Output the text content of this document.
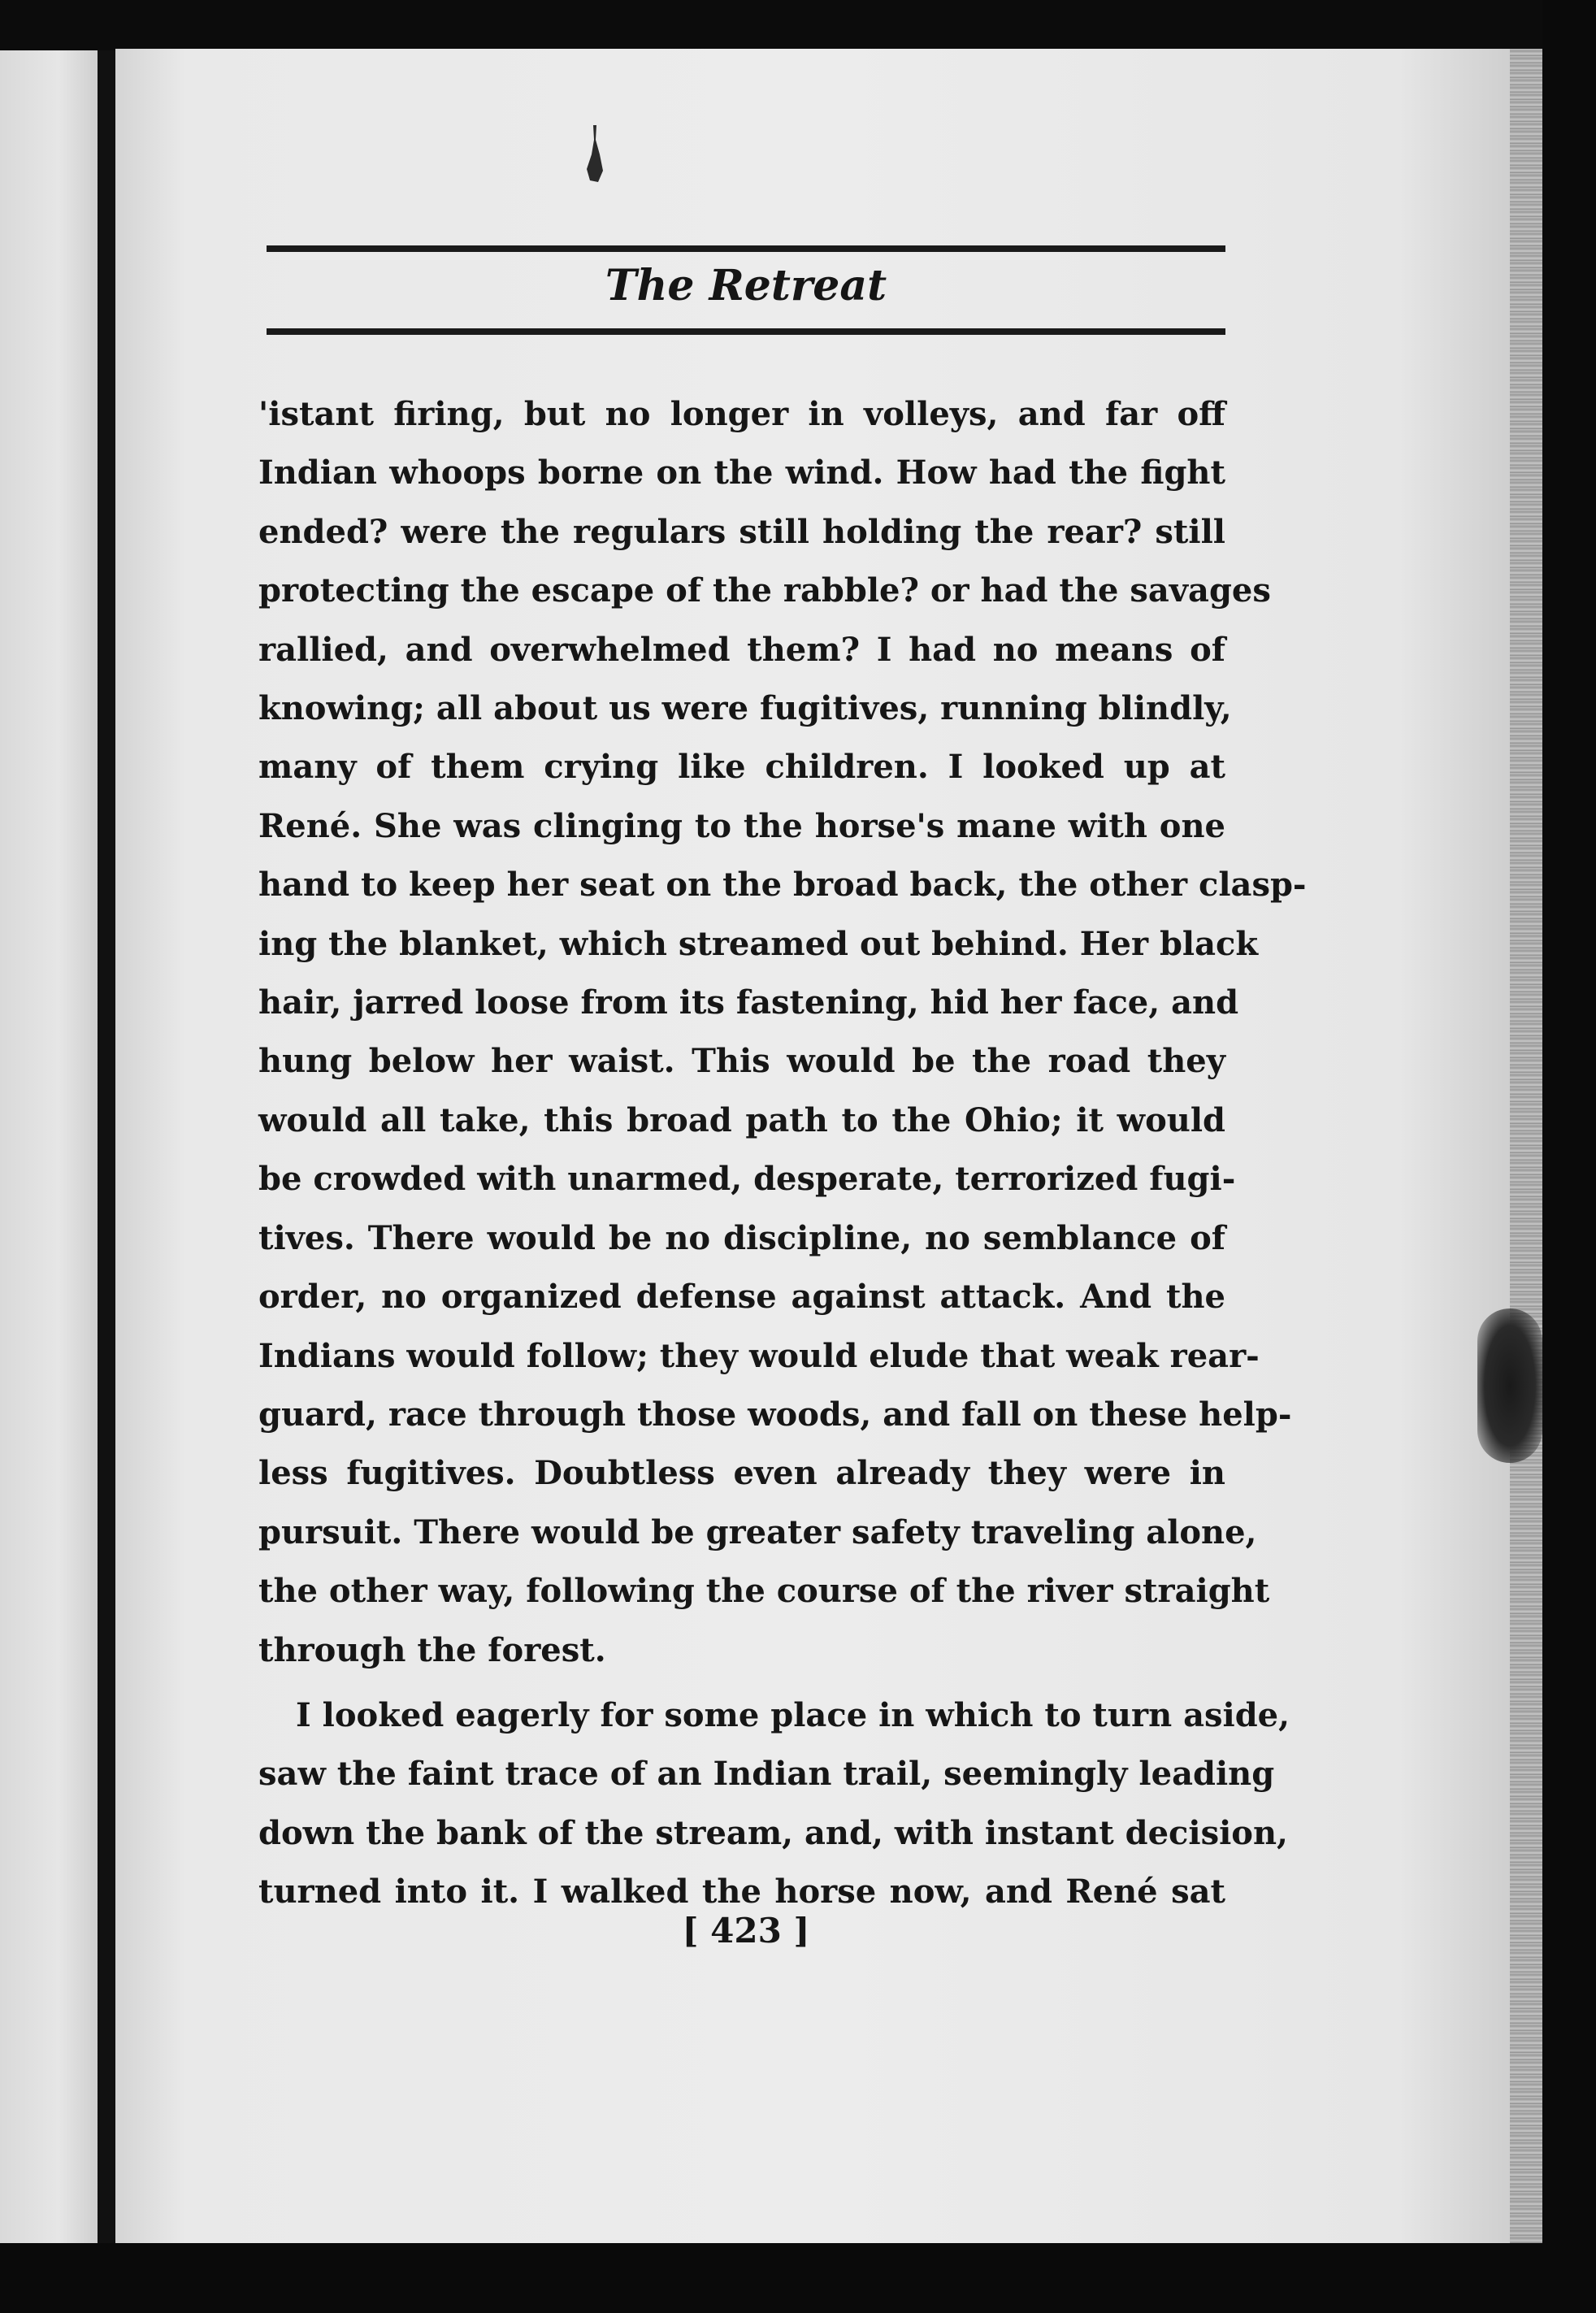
The Retreat
'istant firing, but no longer in volleys, and far off
Indian whoops borne on the wind. How had the fight
ended? were the regulars still holding the rear? still
protecting the escape of the rabble? or had the savages
rallied, and overwhelmed them? I had no means of
knowing; all about us were fugitives, running blindly,
many of them crying like children. I looked up at
René. She was clinging to the horse's mane with one
hand to keep her seat on the broad back, the other clasp-
ing the blanket, which streamed out behind. Her black
hair, jarred loose from its fastening, hid her face, and
hung below her waist. This would be the road they
would all take, this broad path to the Ohio; it would
be crowded with unarmed, desperate, terrorized fugi-
tives. There would be no discipline, no semblance of
order, no organized defense against attack. And the
Indians would follow; they would elude that weak rear-
guard, race through those woods, and fall on these help-
less fugitives. Doubtless even already they were in
pursuit. There would be greater safety traveling alone,
the other way, following the course of the river straight
through the forest.
I looked eagerly for some place in which to turn aside,
saw the faint trace of an Indian trail, seemingly leading
down the bank of the stream, and, with instant decision,
turned into it. I walked the horse now, and René sat
[ 423 ]
